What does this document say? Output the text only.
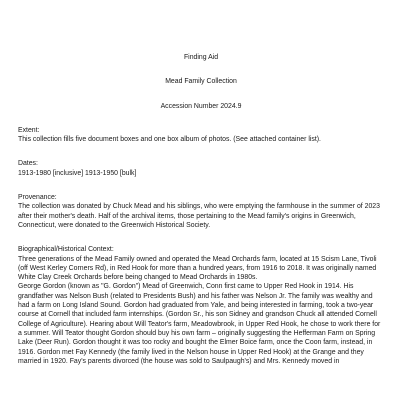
Finding Aid

Mead Family Collection

Accession Number 2024.9

Extent:

This collection fills five document boxes and one box album of photos. (See attached container list).

Dates:

1913-1980 [inclusive] 1913-1950 [bulk]

Provenance:

The collection was donated by Chuck Mead and his siblings, who were emptying the farmhouse in the summer of 2023 after their mother's death. Half of the archival items, those pertaining to the Mead family's origins in Greenwich, Connecticut, were donated to the Greenwich Historical Society.

Biographical/Historical Context:

Three generations of the Mead Family owned and operated the Mead Orchards farm, located at 15 Scism Lane, Tivoli (off West Kerley Corners Rd), in Red Hook for more than a hundred years, from 1916 to 2018. It was originally named White Clay Creek Orchards before being changed to Mead Orchards in 1980s.

George Gordon (known as "G. Gordon") Mead of Greenwich, Conn first came to Upper Red Hook in 1914. His grandfather was Nelson Bush (related to Presidents Bush) and his father was Nelson Jr. The family was wealthy and had a farm on Long Island Sound. Gordon had graduated from Yale, and being interested in farming, took a two-year course at Cornell that included farm internships. (Gordon Sr., his son Sidney and grandson Chuck all attended Cornell College of Agriculture). Hearing about Will Teator's farm, Meadowbrook, in Upper Red Hook, he chose to work there for a summer. Will Teator thought Gordon should buy his own farm – originally suggesting the Hefferman Farm on Spring Lake (Deer Run). Gordon thought it was too rocky and bought the Elmer Boice farm, once the Coon farm, instead, in 1916. Gordon met Fay Kennedy (the family lived in the Nelson house in Upper Red Hook) at the Grange and they married in 1920. Fay's parents divorced (the house was sold to Saulpaugh's) and Mrs. Kennedy moved in
